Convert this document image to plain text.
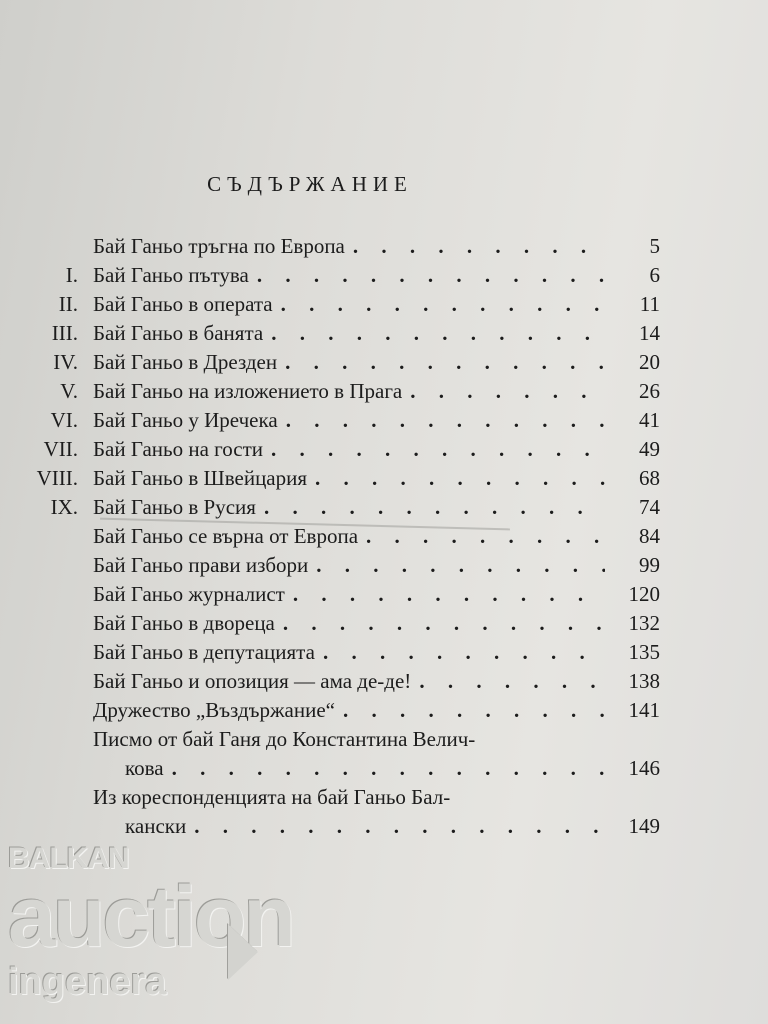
СЪДЪРЖАНИЕ
Бай Ганьо тръгна по Европа . . .	5
I. Бай Ганьо пътува . . .	6
II. Бай Ганьо в операта . . .	11
III. Бай Ганьо в банята . . .	14
IV. Бай Ганьо в Дрезден . . .	20
V. Бай Ганьо на изложението в Прага . . .	26
VI. Бай Ганьо у Иречека . . .	41
VII. Бай Ганьо на гости . . .	49
VIII. Бай Ганьо в Швейцария . . .	68
IX. Бай Ганьо в Русия . . .	74
Бай Ганьо се върна от Европа . . .	84
Бай Ганьо прави избори . . .	99
Бай Ганьо журналист . . .	120
Бай Ганьо в двореца . . .	132
Бай Ганьо в депутацията . . .	135
Бай Ганьо и опозиция — ама де-де! . . .	138
Дружество „Въздържание“ . . .	141
Писмо от бай Ганя до Константина Велич-
кова . . .	146
Из кореспонденцията на бай Ганьо Бал-
кански . . .	149
BALKAN
auction
ingenera
